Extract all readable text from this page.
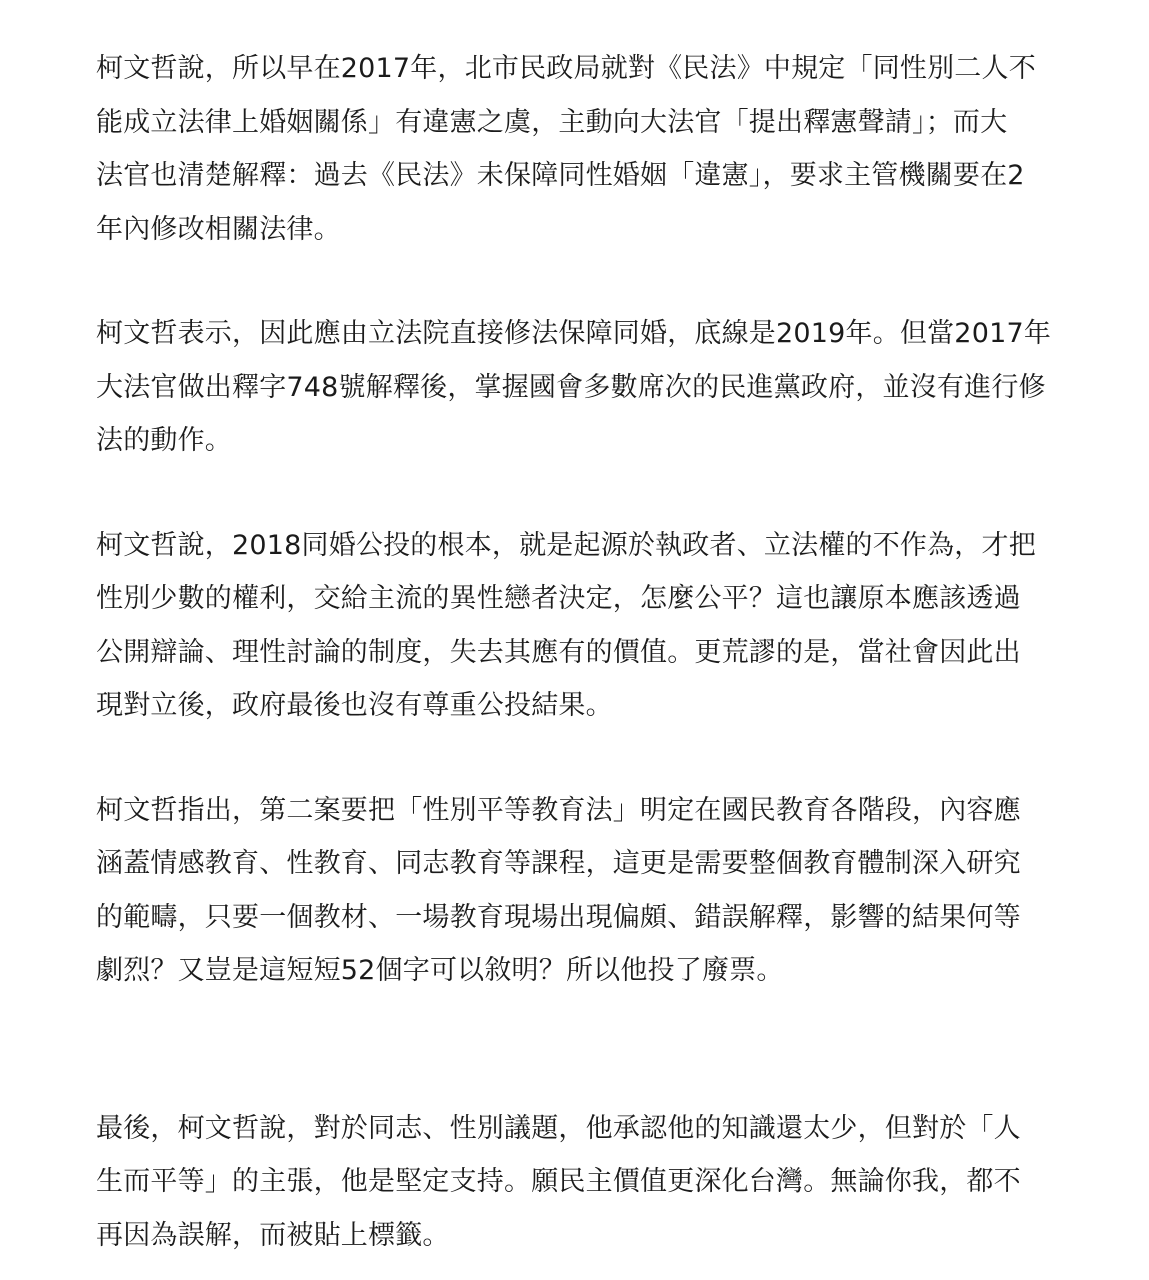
柯文哲說，所以早在2017年，北市民政局就對《民法》中規定「同性別二人不
能成立法律上婚姻關係」有違憲之虞，主動向大法官「提出釋憲聲請」；而大
法官也清楚解釋：過去《民法》未保障同性婚姻「違憲」，要求主管機關要在2
年內修改相關法律。

柯文哲表示，因此應由立法院直接修法保障同婚，底線是2019年。但當2017年
大法官做出釋字748號解釋後，掌握國會多數席次的民進黨政府，並沒有進行修
法的動作。

柯文哲說，2018同婚公投的根本，就是起源於執政者、立法權的不作為，才把
性別少數的權利，交給主流的異性戀者決定，怎麼公平？這也讓原本應該透過
公開辯論、理性討論的制度，失去其應有的價值。更荒謬的是，當社會因此出
現對立後，政府最後也沒有尊重公投結果。

柯文哲指出，第二案要把「性別平等教育法」明定在國民教育各階段，內容應
涵蓋情感教育、性教育、同志教育等課程，這更是需要整個教育體制深入研究
的範疇，只要一個教材、一場教育現場出現偏頗、錯誤解釋，影響的結果何等
劇烈？又豈是這短短52個字可以敘明？所以他投了廢票。

最後，柯文哲說，對於同志、性別議題，他承認他的知識還太少，但對於「人
生而平等」的主張，他是堅定支持。願民主價值更深化台灣。無論你我，都不
再因為誤解，而被貼上標籤。
